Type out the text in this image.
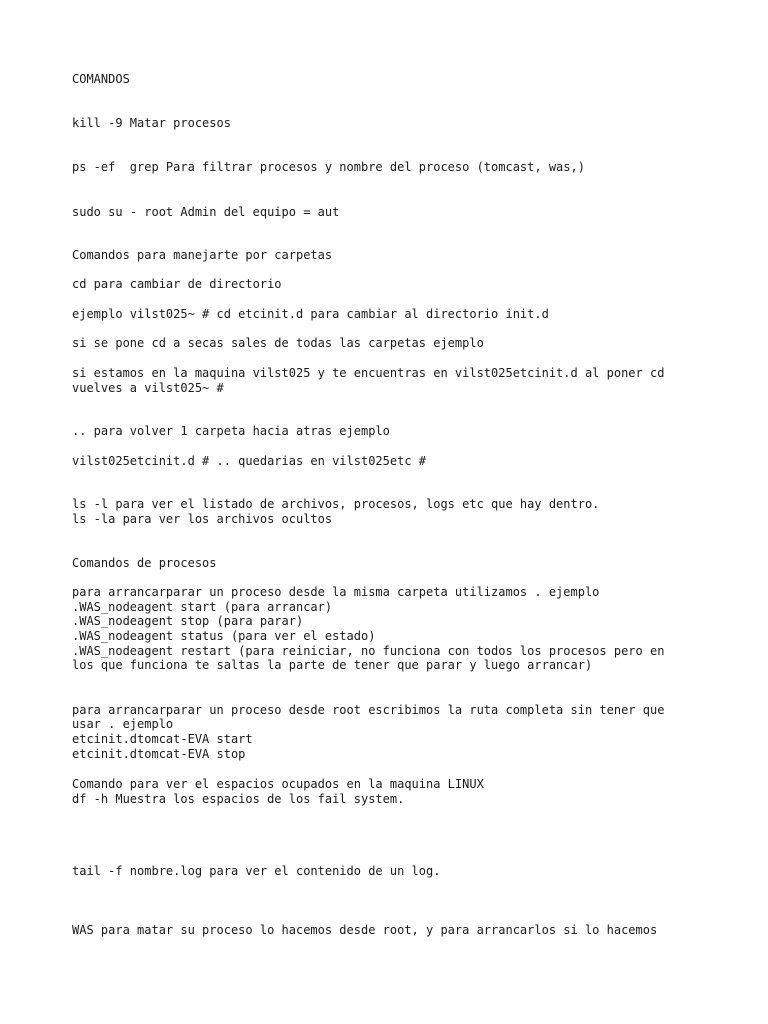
COMANDOS

kill -9 Matar procesos

ps -ef  grep Para filtrar procesos y nombre del proceso (tomcast, was,)

sudo su - root Admin del equipo = aut

Comandos para manejarte por carpetas

cd para cambiar de directorio

ejemplo vilst025~ # cd etcinit.d para cambiar al directorio init.d

si se pone cd a secas sales de todas las carpetas ejemplo

si estamos en la maquina vilst025 y te encuentras en vilst025etcinit.d al poner cd

vuelves a vilst025~ #

.. para volver 1 carpeta hacia atras ejemplo

vilst025etcinit.d # .. quedarias en vilst025etc #

ls -l para ver el listado de archivos, procesos, logs etc que hay dentro.

ls -la para ver los archivos ocultos

Comandos de procesos

para arrancarparar un proceso desde la misma carpeta utilizamos . ejemplo

.WAS_nodeagent start (para arrancar)

.WAS_nodeagent stop (para parar)

.WAS_nodeagent status (para ver el estado)

.WAS_nodeagent restart (para reiniciar, no funciona con todos los procesos pero en

los que funciona te saltas la parte de tener que parar y luego arrancar)

para arrancarparar un proceso desde root escribimos la ruta completa sin tener que

usar . ejemplo

etcinit.dtomcat-EVA start

etcinit.dtomcat-EVA stop

Comando para ver el espacios ocupados en la maquina LINUX

df -h Muestra los espacios de los fail system.

tail -f nombre.log para ver el contenido de un log.

WAS para matar su proceso lo hacemos desde root, y para arrancarlos si lo hacemos
